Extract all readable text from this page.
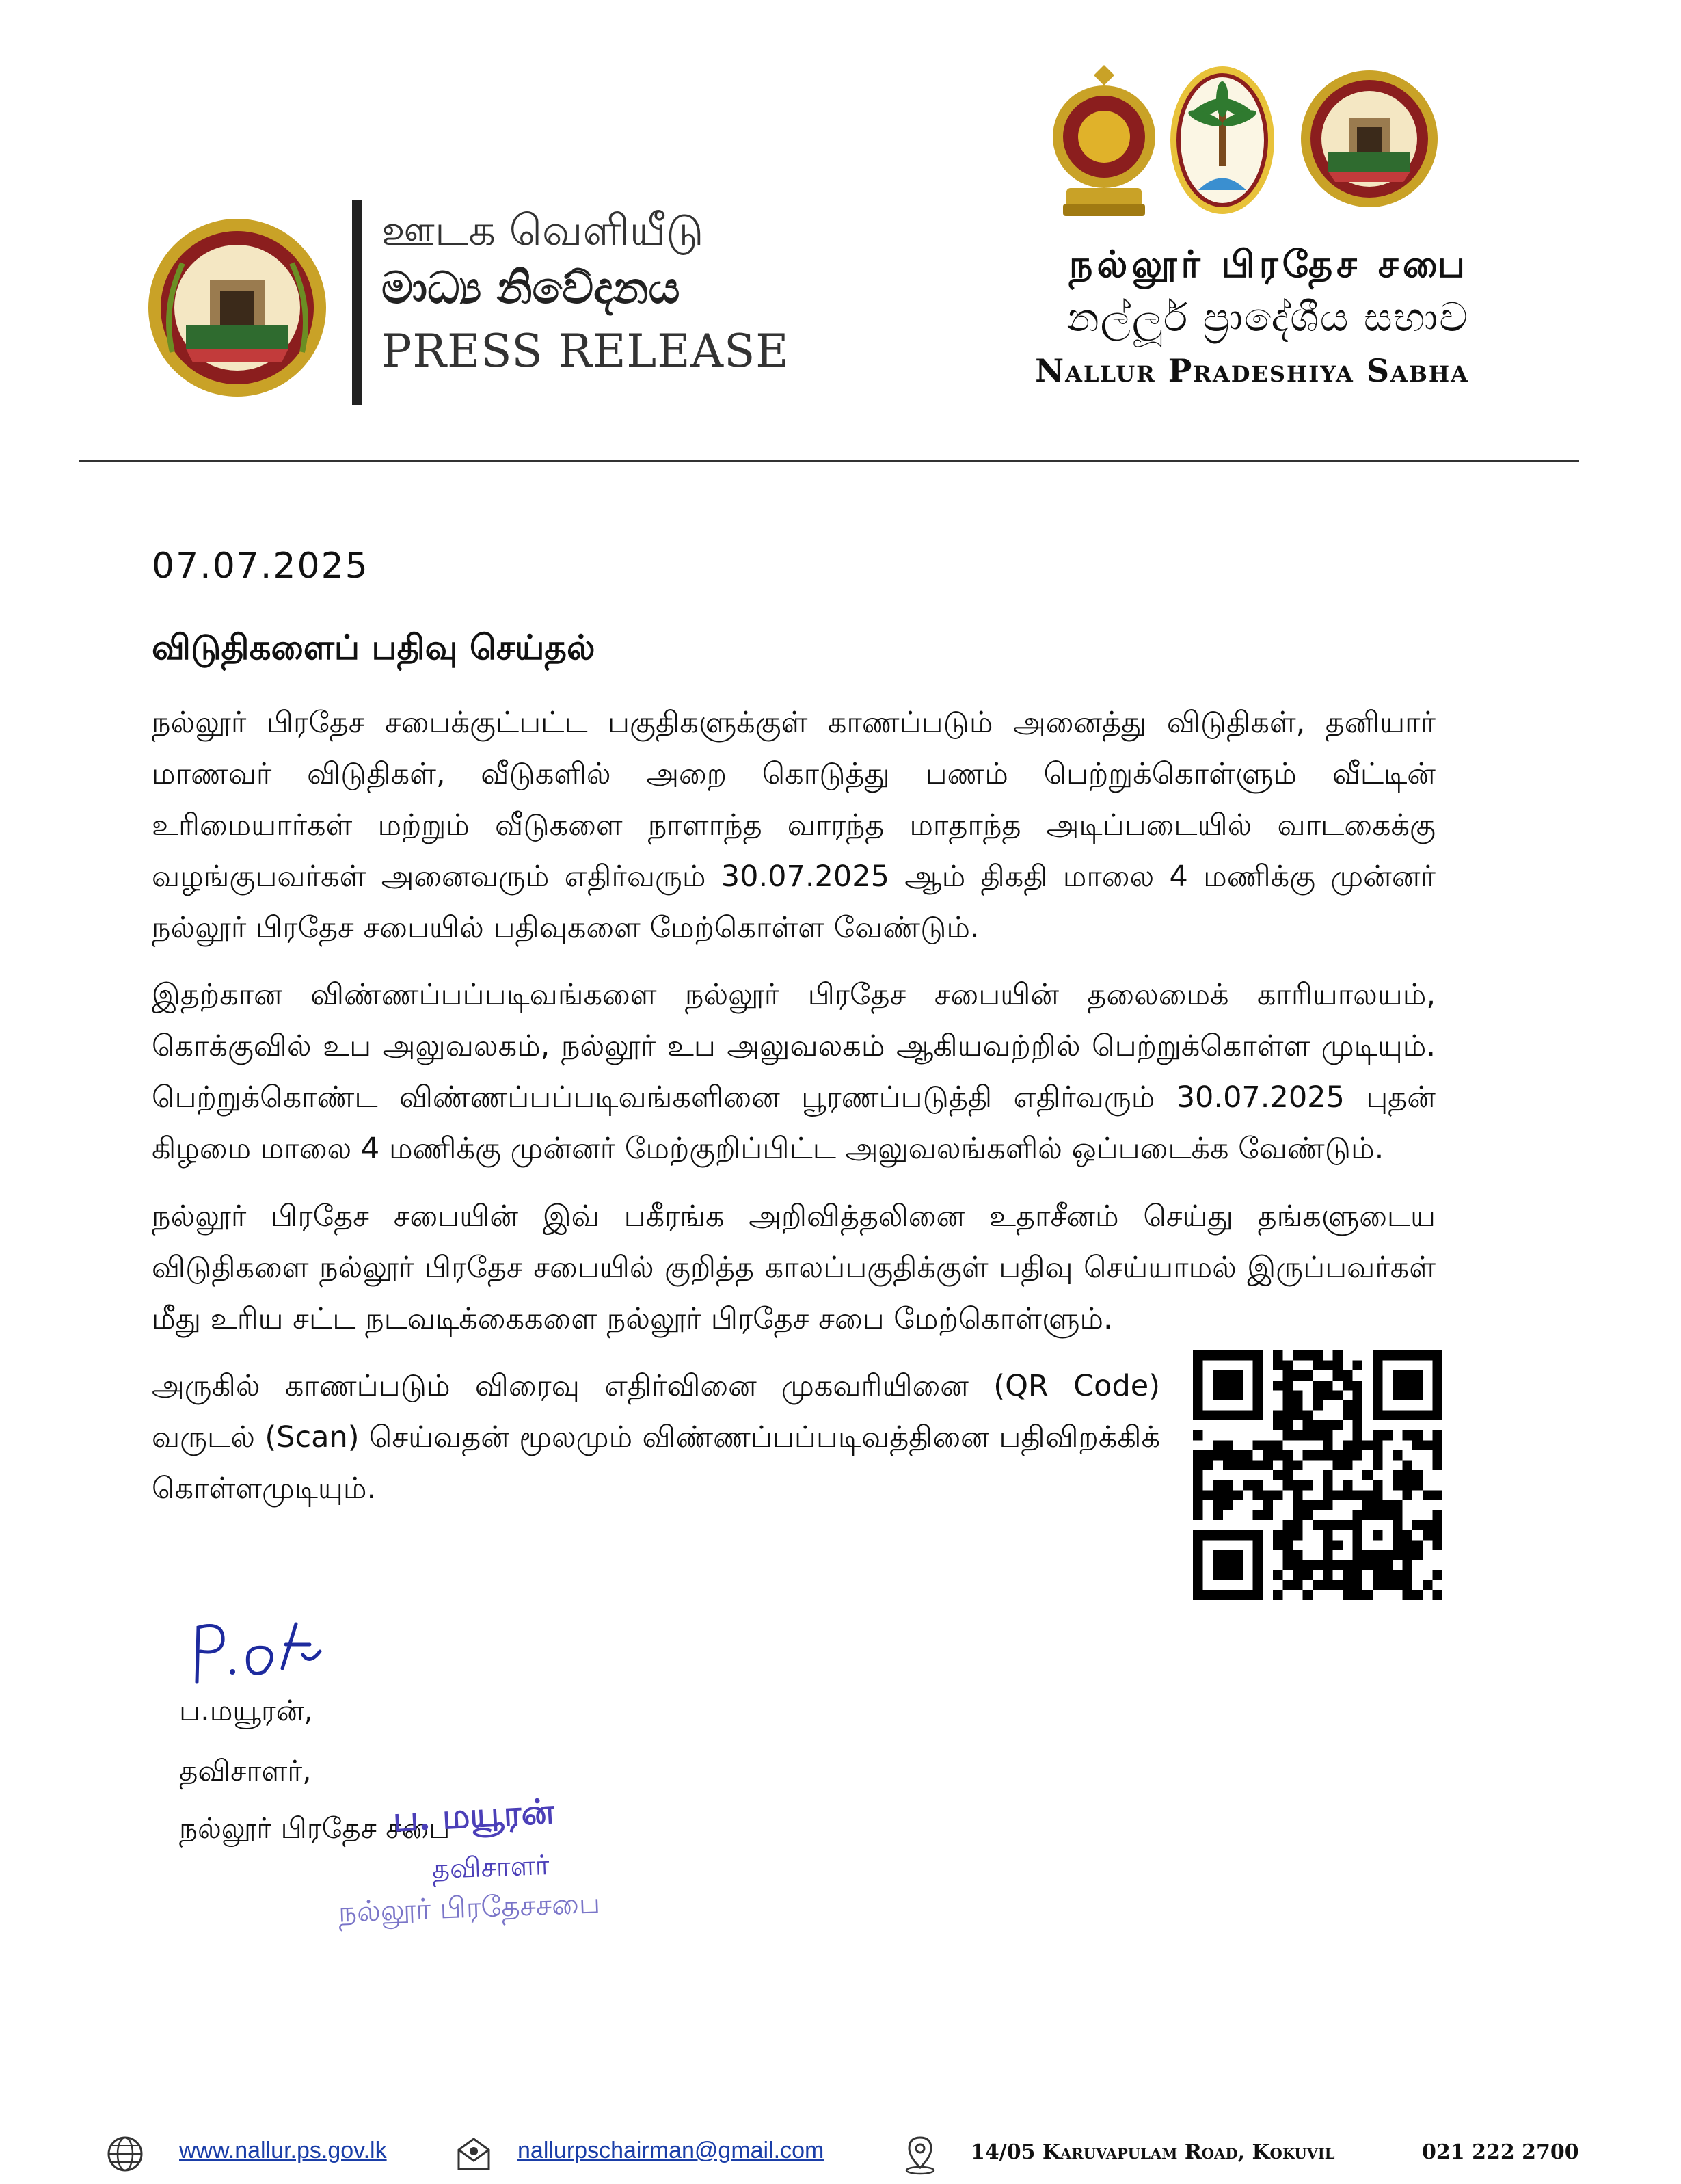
ஊடக வெளியீடு
මාධ්‍ය නිවේදනය
PRESS RELEASE
நல்லூர் பிரதேச சபை
නල්ලූර් ප්‍රාදේශීය සභාව
Nallur Pradeshiya Sabha
07.07.2025
விடுதிகளைப் பதிவு செய்தல்

நல்லூர் பிரதேச சபைக்குட்பட்ட பகுதிகளுக்குள் காணப்படும் அனைத்து விடுதிகள், தனியார் மாணவர் விடுதிகள், வீடுகளில் அறை கொடுத்து பணம் பெற்றுக்கொள்ளும் வீட்டின் உரிமையார்கள் மற்றும் வீடுகளை நாளாந்த வாரந்த மாதாந்த அடிப்படையில் வாடகைக்கு வழங்குபவர்கள் அனைவரும் எதிர்வரும் 30.07.2025 ஆம் திகதி மாலை 4 மணிக்கு முன்னர் நல்லூர் பிரதேச சபையில் பதிவுகளை மேற்கொள்ள வேண்டும்.

இதற்கான விண்ணப்பப்படிவங்களை நல்லூர் பிரதேச சபையின் தலைமைக் காரியாலயம், கொக்குவில் உப அலுவலகம், நல்லூர் உப அலுவலகம் ஆகியவற்றில் பெற்றுக்கொள்ள முடியும். பெற்றுக்கொண்ட விண்ணப்பப்படிவங்களினை பூரணப்படுத்தி எதிர்வரும் 30.07.2025 புதன் கிழமை மாலை 4 மணிக்கு முன்னர் மேற்குறிப்பிட்ட அலுவலங்களில் ஒப்படைக்க வேண்டும்.

நல்லூர் பிரதேச சபையின் இவ் பகீரங்க அறிவித்தலினை உதாசீனம் செய்து தங்களுடைய விடுதிகளை நல்லூர் பிரதேச சபையில் குறித்த காலப்பகுதிக்குள் பதிவு செய்யாமல் இருப்பவர்கள் மீது உரிய சட்ட நடவடிக்கைகளை நல்லூர் பிரதேச சபை மேற்கொள்ளும்.

அருகில் காணப்படும் விரைவு எதிர்வினை முகவரியினை (QR Code) வருடல் (Scan) செய்வதன் மூலமும் விண்ணப்பப்படிவத்தினை பதிவிறக்கிக் கொள்ளமுடியும்.

ப.மயூரன்,
தவிசாளர்,
நல்லூர் பிரதேச சபை
ப. மயூரன்
தவிசாளர்
நல்லூர் பிரதேசசபை
www.nallur.ps.gov.lk	nallurpschairman@gmail.com	14/05 Karuvapulam Road, Kokuvil	021 222 2700
